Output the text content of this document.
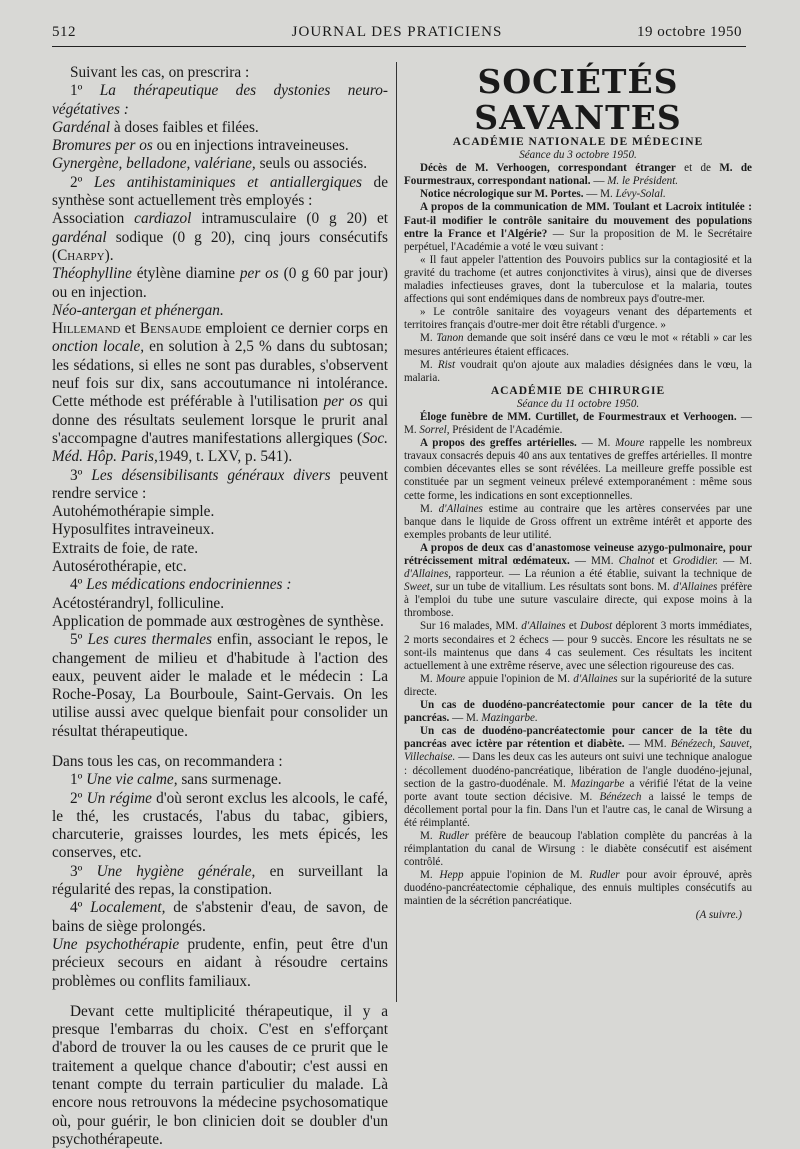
512	JOURNAL DES PRATICIENS	19 octobre 1950

Suivant les cas, on prescrira :

1º La thérapeutique des dystonies neuro-végétatives :

Gardénal à doses faibles et filées.

Bromures per os ou en injections intraveineuses.

Gynergène, belladone, valériane, seuls ou associés.

2º Les antihistaminiques et antiallergiques de synthèse sont actuellement très employés :

Association cardiazol intramusculaire (0 g 20) et gardénal sodique (0 g 20), cinq jours consécutifs (Charpy).

Théophylline étylène diamine per os (0 g 60 par jour) ou en injection.

Néo-antergan et phénergan.

Hillemand et Bensaude emploient ce dernier corps en onction locale, en solution à 2,5 % dans du subtosan; les sédations, si elles ne sont pas durables, s'observent neuf fois sur dix, sans accoutumance ni intolérance. Cette méthode est préférable à l'utilisation per os qui donne des résultats seulement lorsque le prurit anal s'accompagne d'autres manifestations allergiques (Soc. Méd. Hôp. Paris,1949, t. LXV, p. 541).

3º Les désensibilisants généraux divers peuvent rendre service :

Autohémothérapie simple.

Hyposulfites intraveineux.

Extraits de foie, de rate.

Autosérothérapie, etc.

4º Les médications endocriniennes :

Acétostérandryl, folliculine.

Application de pommade aux œstrogènes de synthèse.

5º Les cures thermales enfin, associant le repos, le changement de milieu et d'habitude à l'action des eaux, peuvent aider le malade et le médecin : La Roche-Posay, La Bourboule, Saint-Gervais. On les utilise aussi avec quelque bienfait pour consolider un résultat thérapeutique.

Dans tous les cas, on recommandera :

1º Une vie calme, sans surmenage.

2º Un régime d'où seront exclus les alcools, le café, le thé, les crustacés, l'abus du tabac, gibiers, charcuterie, graisses lourdes, les mets épicés, les conserves, etc.

3º Une hygiène générale, en surveillant la régularité des repas, la constipation.

4º Localement, de s'abstenir d'eau, de savon, de bains de siège prolongés.

Une psychothérapie prudente, enfin, peut être d'un précieux secours en aidant à résoudre certains problèmes ou conflits familiaux.

Devant cette multiplicité thérapeutique, il y a presque l'embarras du choix. C'est en s'efforçant d'abord de trouver la ou les causes de ce prurit que le traitement a quelque chance d'aboutir; c'est aussi en tenant compte du terrain particulier du malade. Là encore nous retrouvons la médecine psychosomatique où, pour guérir, le bon clinicien doit se doubler d'un psychothérapeute.

SOCIÉTÉS SAVANTES

ACADÉMIE NATIONALE DE MÉDECINE

Séance du 3 octobre 1950.

Décès de M. Verhoogen, correspondant étranger et de M. de Fourmestraux, correspondant national. — M. le Président.

Notice nécrologique sur M. Portes. — M. Lévy-Solal.

A propos de la communication de MM. Toulant et Lacroix intitulée : Faut-il modifier le contrôle sanitaire du mouvement des populations entre la France et l'Algérie? — Sur la proposition de M. le Secrétaire perpétuel, l'Académie a voté le vœu suivant :

« Il faut appeler l'attention des Pouvoirs publics sur la contagiosité et la gravité du trachome (et autres conjonctivites à virus), ainsi que de diverses maladies infectieuses graves, dont la tuberculose et la malaria, toutes affections qui sont endémiques dans de nombreux pays d'outre-mer.

» Le contrôle sanitaire des voyageurs venant des départements et territoires français d'outre-mer doit être rétabli d'urgence. »

M. Tanon demande que soit inséré dans ce vœu le mot « rétabli » car les mesures antérieures étaient efficaces.

M. Rist voudrait qu'on ajoute aux maladies désignées dans le vœu, la malaria.

ACADÉMIE DE CHIRURGIE

Séance du 11 octobre 1950.

Éloge funèbre de MM. Curtillet, de Fourmestraux et Verhoogen. — M. Sorrel, Président de l'Académie.

A propos des greffes artérielles. — M. Moure rappelle les nombreux travaux consacrés depuis 40 ans aux tentatives de greffes artérielles. Il montre combien décevantes elles se sont révélées. La meilleure greffe possible est constituée par un segment veineux prélevé extemporanément : même sous cette forme, les indications en sont exceptionnelles.

M. d'Allaines estime au contraire que les artères conservées par une banque dans le liquide de Gross offrent un extrême intérêt et apporte des exemples probants de leur utilité.

A propos de deux cas d'anastomose veineuse azygo-pulmonaire, pour rétrécissement mitral œdémateux. — MM. Chalnot et Grodidier. — M. d'Allaines, rapporteur. — La réunion a été établie, suivant la technique de Sweet, sur un tube de vitallium. Les résultats sont bons. M. d'Allaines préfère à l'emploi du tube une suture vasculaire directe, qui expose moins à la thrombose.

Sur 16 malades, MM. d'Allaines et Dubost déplorent 3 morts immédiates, 2 morts secondaires et 2 échecs — pour 9 succès. Encore les résultats ne se sont-ils maintenus que dans 4 cas seulement. Ces résultats les incitent actuellement à une extrême réserve, avec une sélection rigoureuse des cas.

M. Moure appuie l'opinion de M. d'Allaines sur la supériorité de la suture directe.

Un cas de duodéno-pancréatectomie pour cancer de la tête du pancréas. — M. Mazingarbe.

Un cas de duodéno-pancréatectomie pour cancer de la tête du pancréas avec ictère par rétention et diabète. — MM. Bénézech, Sauvet, Villechaise. — Dans les deux cas les auteurs ont suivi une technique analogue : décollement duodéno-pancréatique, libération de l'angle duodéno-jejunal, section de la gastro-duodénale. M. Mazingarbe a vérifié l'état de la veine porte avant toute section décisive. M. Bénézech a laissé le temps de décollement portal pour la fin. Dans l'un et l'autre cas, le canal de Wirsung a été réimplanté.

M. Rudler préfère de beaucoup l'ablation complète du pancréas à la réimplantation du canal de Wirsung : le diabète consécutif est aisément contrôlé.

M. Hepp appuie l'opinion de M. Rudler pour avoir éprouvé, après duodéno-pancréatectomie céphalique, des ennuis multiples consécutifs au maintien de la sécrétion pancréatique.

(A suivre.)
